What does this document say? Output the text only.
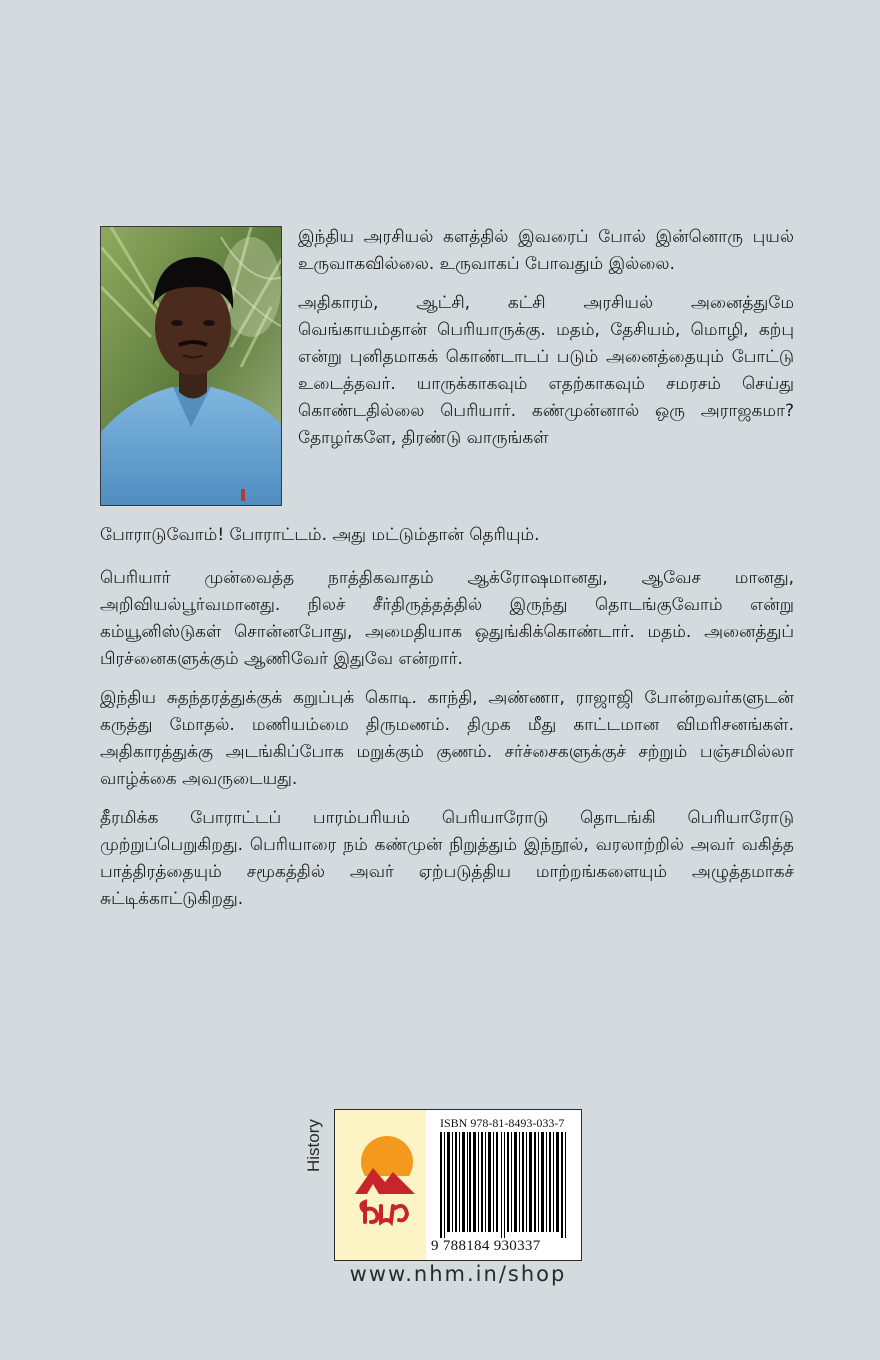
இந்திய அரசியல் களத்தில் இவரைப் போல் இன்னொரு புயல் உருவாகவில்லை. உருவாகப் போவதும் இல்லை.

அதிகாரம், ஆட்சி, கட்சி அரசியல் அனைத்துமே வெங்காயம்தான் பெரியாருக்கு. மதம், தேசியம், மொழி, கற்பு என்று புனிதமாகக் கொண்டாடப் படும் அனைத்தையும் போட்டு உடைத்தவர். யாருக்காகவும் எதற்காகவும் சமரசம் செய்து கொண்டதில்லை பெரியார். கண்முன்னால் ஒரு அராஜகமா? தோழர்களே, திரண்டு வாருங்கள்

போராடுவோம்! போராட்டம். அது மட்டும்தான் தெரியும்.

பெரியார் முன்வைத்த நாத்திகவாதம் ஆக்ரோஷமானது, ஆவேச மானது, அறிவியல்பூர்வமானது. நிலச் சீர்திருத்தத்தில் இருந்து தொடங்குவோம் என்று கம்யூனிஸ்டுகள் சொன்னபோது, அமைதியாக ஒதுங்கிக்கொண்டார். மதம். அனைத்துப் பிரச்னைகளுக்கும் ஆணிவேர் இதுவே என்றார்.

இந்திய சுதந்தரத்துக்குக் கறுப்புக் கொடி. காந்தி, அண்ணா, ராஜாஜி போன்றவர்களுடன் கருத்து மோதல். மணியம்மை திருமணம். திமுக மீது காட்டமான விமரிசனங்கள். அதிகாரத்துக்கு அடங்கிப்போக மறுக்கும் குணம். சர்ச்சைகளுக்குச் சற்றும் பஞ்சமில்லா வாழ்க்கை அவருடையது.

தீரமிக்க போராட்டப் பாரம்பரியம் பெரியாரோடு தொடங்கி பெரியாரோடு முற்றுப்பெறுகிறது. பெரியாரை நம் கண்முன் நிறுத்தும் இந்நூல், வரலாற்றில் அவர் வகித்த பாத்திரத்தையும் சமூகத்தில் அவர் ஏற்படுத்திய மாற்றங்களையும் அழுத்தமாகச் சுட்டிக்காட்டுகிறது.

History	ISBN 978-81-8493-033-7
9 788184 930337
www.nhm.in/shop
